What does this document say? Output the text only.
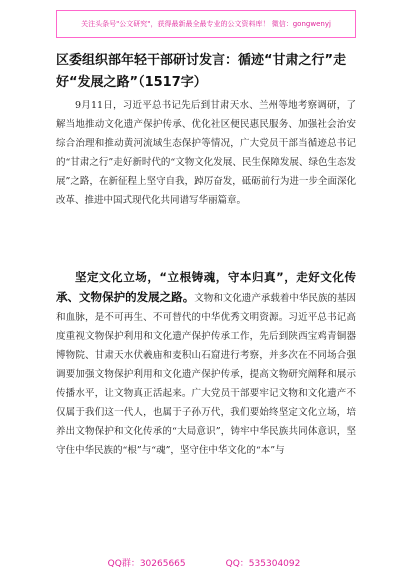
关注头条号"公文研究"，获得最新最全最专业的公文资料库！ 微信：gongwenyj
区委组织部年轻干部研讨发言：循迹“甘肃之行”走好“发展之路”（1517字）

9月11日，习近平总书记先后到甘肃天水、兰州等地考察调研，了解当地推动文化遗产保护传承、优化社区便民惠民服务、加强社会治安综合治理和推动黄河流域生态保护等情况，广大党员干部当循迹总书记的“甘肃之行”走好新时代的“文物文化发展、民生保障发展、绿色生态发展”之路，在新征程上坚守自我，踔厉奋发，砥砺前行为进一步全面深化改革、推进中国式现代化共同谱写华丽篇章。

坚定文化立场，“立根铸魂，守本归真”，走好文化传承、文物保护的发展之路。文物和文化遗产承载着中华民族的基因和血脉，是不可再生、不可替代的中华优秀文明资源。习近平总书记高度重视文物保护利用和文化遗产保护传承工作，先后到陕西宝鸡青铜器博物院、甘肃天水伏羲庙和麦积山石窟进行考察，并多次在不同场合强调要加强文物保护利用和文化遗产保护传承，提高文物研究阐释和展示传播水平，让文物真正活起来。广大党员干部要牢记文物和文化遗产不仅属于我们这一代人，也属于子孙万代，我们要始终坚定文化立场，培养出文物保护和文化传承的“大局意识”，铸牢中华民族共同体意识，坚守住中华民族的“根”与“魂”，坚守住中华文化的“本”与

QQ群：30265665	QQ：535304092
